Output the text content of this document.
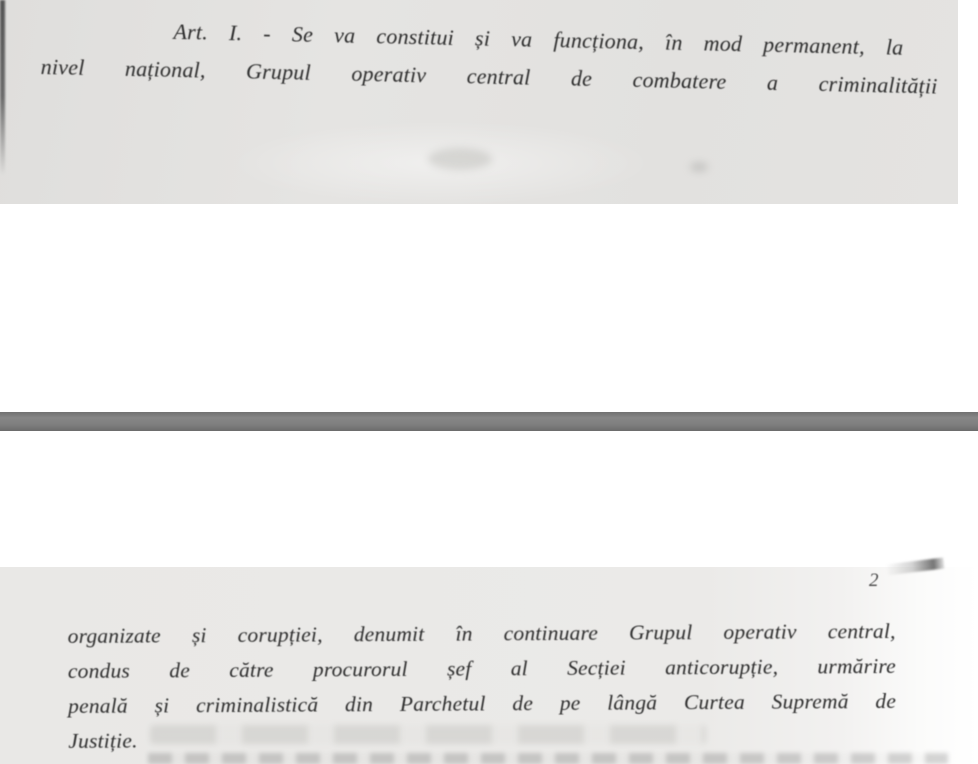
Art. I. - Se va constitui și va funcționa, în mod permanent, la

nivel național, Grupul operativ central de combatere a criminalității

2

organizate și corupției, denumit în continuare Grupul operativ central,

condus de către procurorul șef al Secției anticorupție, urmărire

penală și criminalistică din Parchetul de pe lângă Curtea Supremă de

Justiție.
